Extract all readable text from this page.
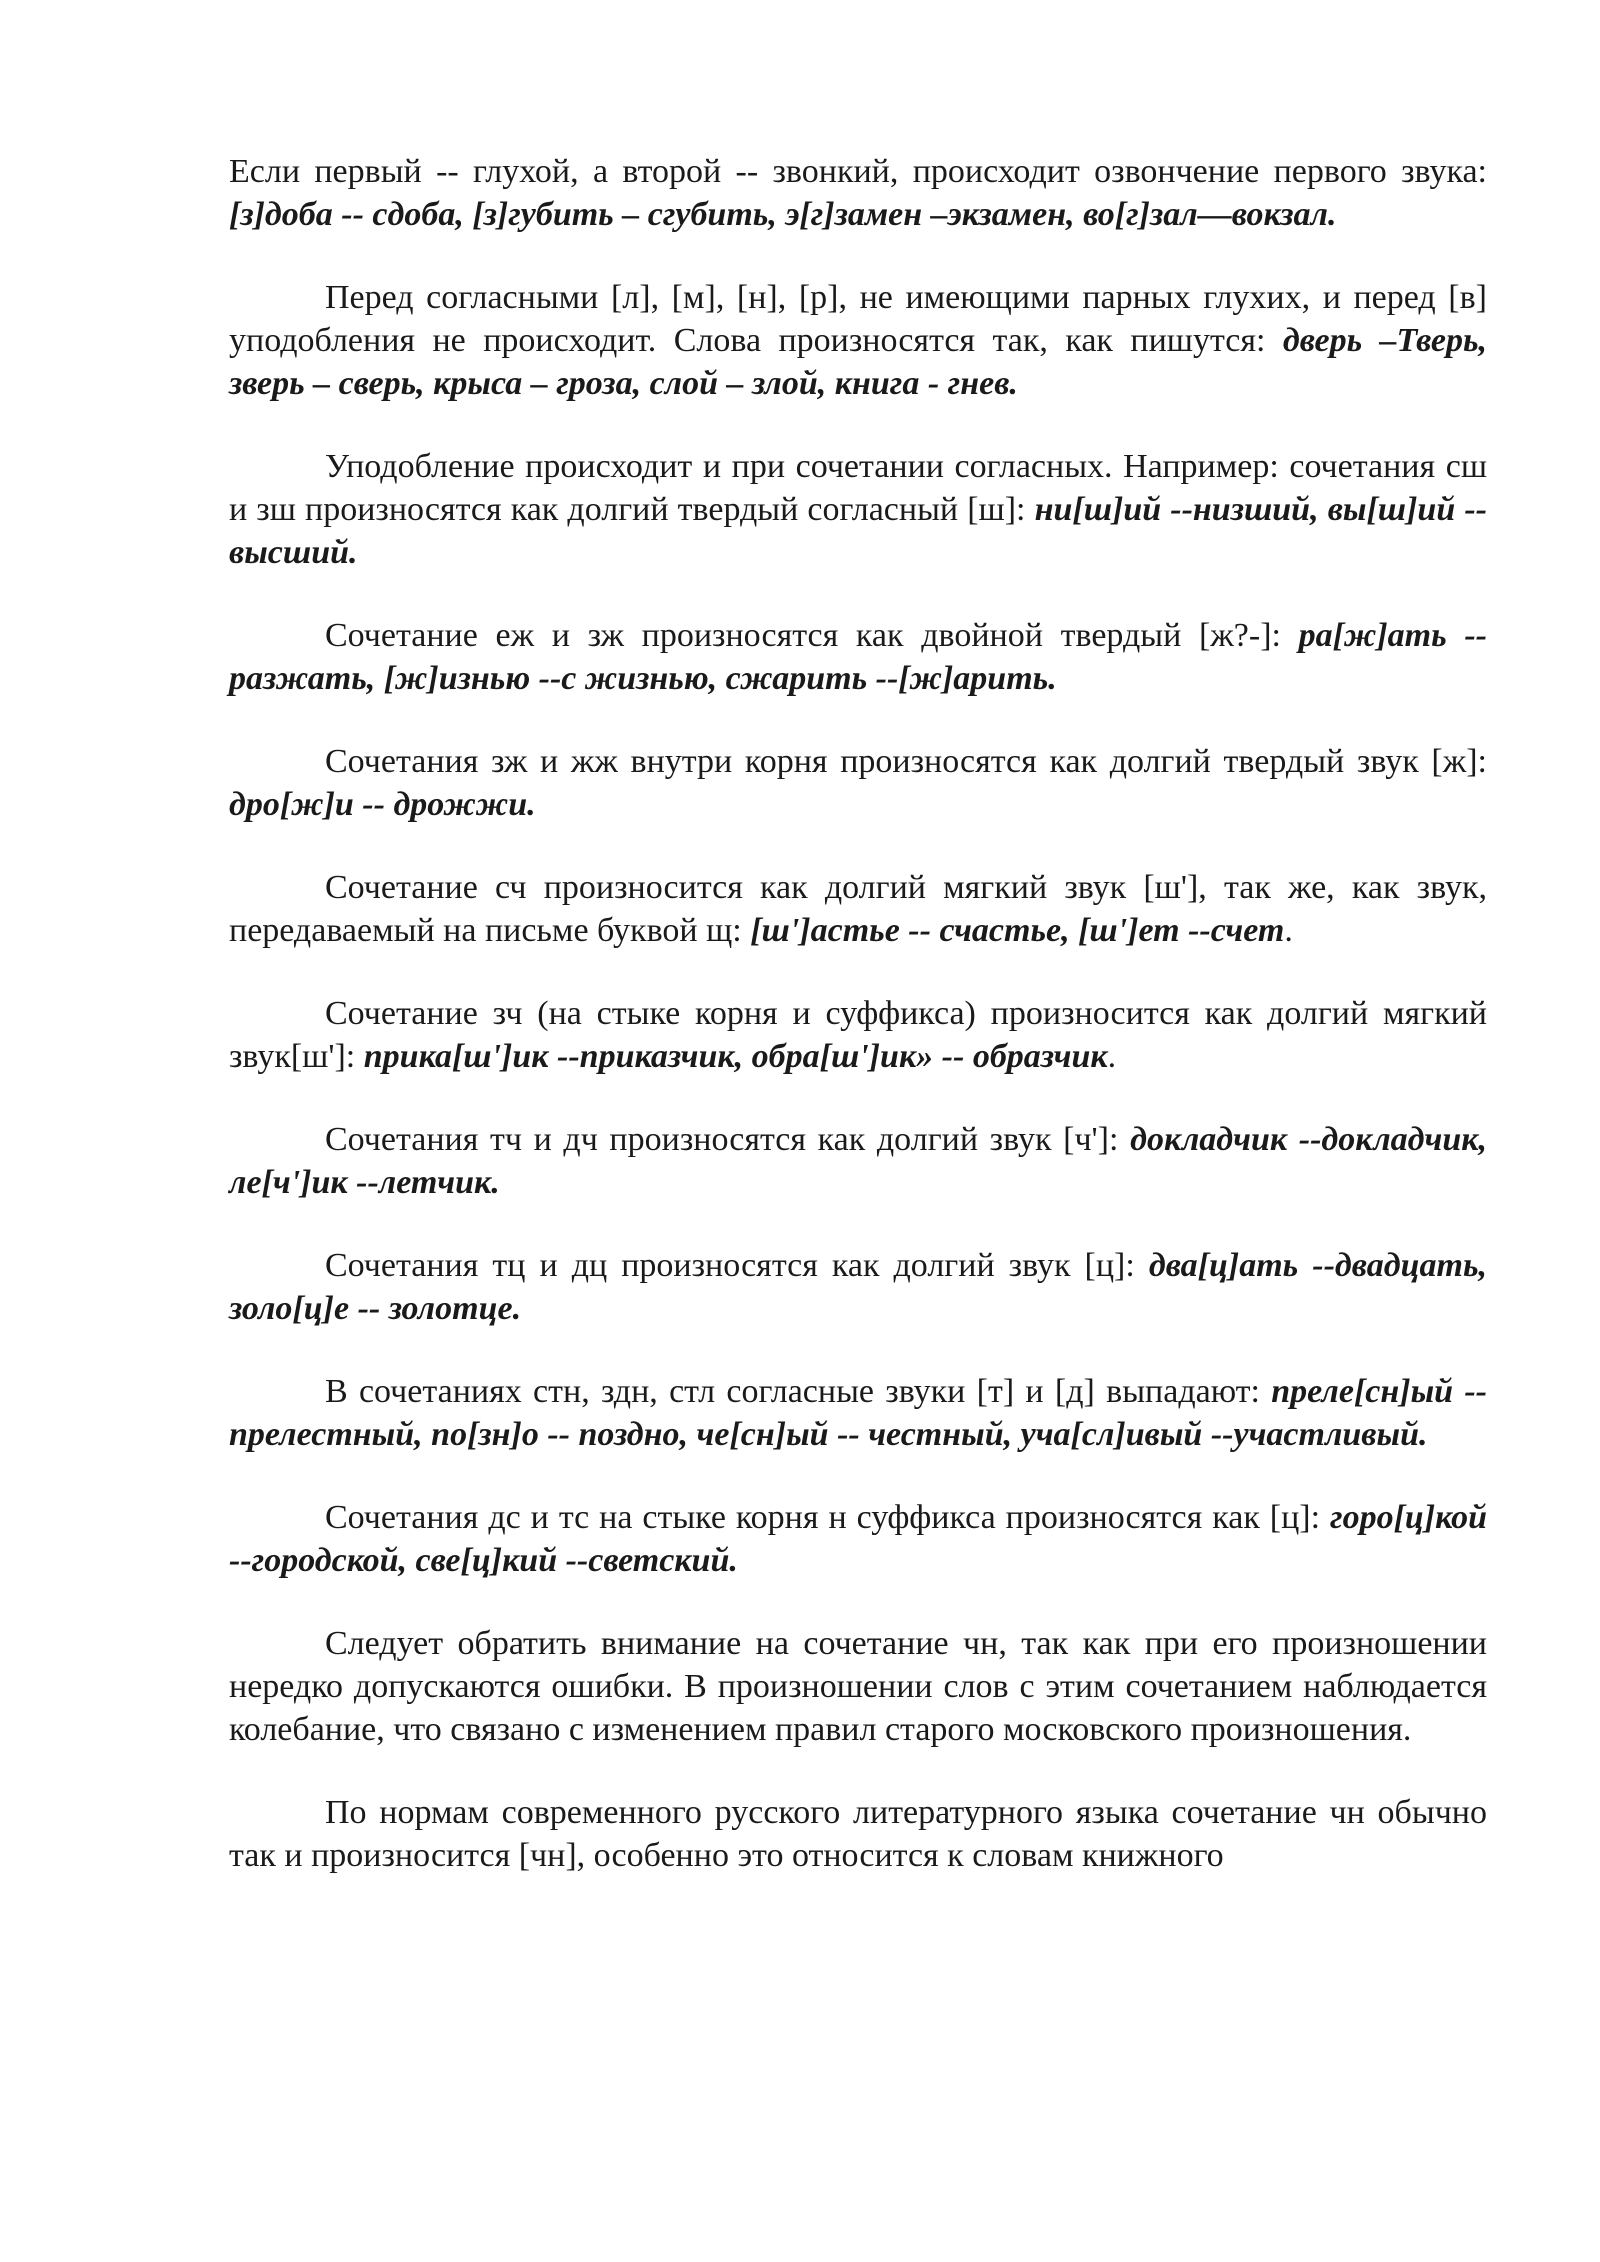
Если первый -- глухой, а второй -- звонкий, происходит озвончение первого звука: [з]доба -- сдоба, [з]губить – сгубить, э[г]замен –экзамен, во[г]зал—вокзал.

Перед согласными [л], [м], [н], [р], не имеющими парных глухих, и перед [в] уподобления не происходит. Слова произносятся так, как пишутся: дверь –Тверь, зверь – сверь, крыса – гроза, слой – злой, книга - гнев.

Уподобление происходит и при сочетании согласных. Например: сочетания сш и зш произносятся как долгий твердый согласный [ш]: ни[ш]ий --низший, вы[ш]ий --высший.

Сочетание еж и зж произносятся как двойной твердый [ж?-]: ра[ж]ать --разжать, [ж]изнью --с жизнью, сжарить --[ж]арить.

Сочетания зж и жж внутри корня произносятся как долгий твердый звук [ж]: дро[ж]и -- дрожжи.

Сочетание сч произносится как долгий мягкий звук [ш'], так же, как звук, передаваемый на письме буквой щ: [ш']астье -- счастье, [ш']ет --счет.

Сочетание зч (на стыке корня и суффикса) произносится как долгий мягкий звук[ш']: прика[ш']ик --приказчик, обра[ш']ик» -- образчик.

Сочетания тч и дч произносятся как долгий звук [ч']: докладчик --докладчик, ле[ч']ик --летчик.

Сочетания тц и дц произносятся как долгий звук [ц]: два[ц]ать --двадцать, золо[ц]е -- золотце.

В сочетаниях стн, здн, стл согласные звуки [т] и [д] выпадают: преле[сн]ый -- прелестный, по[зн]о -- поздно, че[сн]ый -- честный, уча[сл]ивый --участливый.

Сочетания дс и тс на стыке корня н суффикса произносятся как [ц]: горо[ц]кой --городской, све[ц]кий --светский.

Следует обратить внимание на сочетание чн, так как при его произношении нередко допускаются ошибки. В произношении слов с этим сочетанием наблюдается колебание, что связано с изменением правил старого московского произношения.

По нормам современного русского литературного языка сочетание чн обычно так и произносится [чн], особенно это относится к словам книжного
